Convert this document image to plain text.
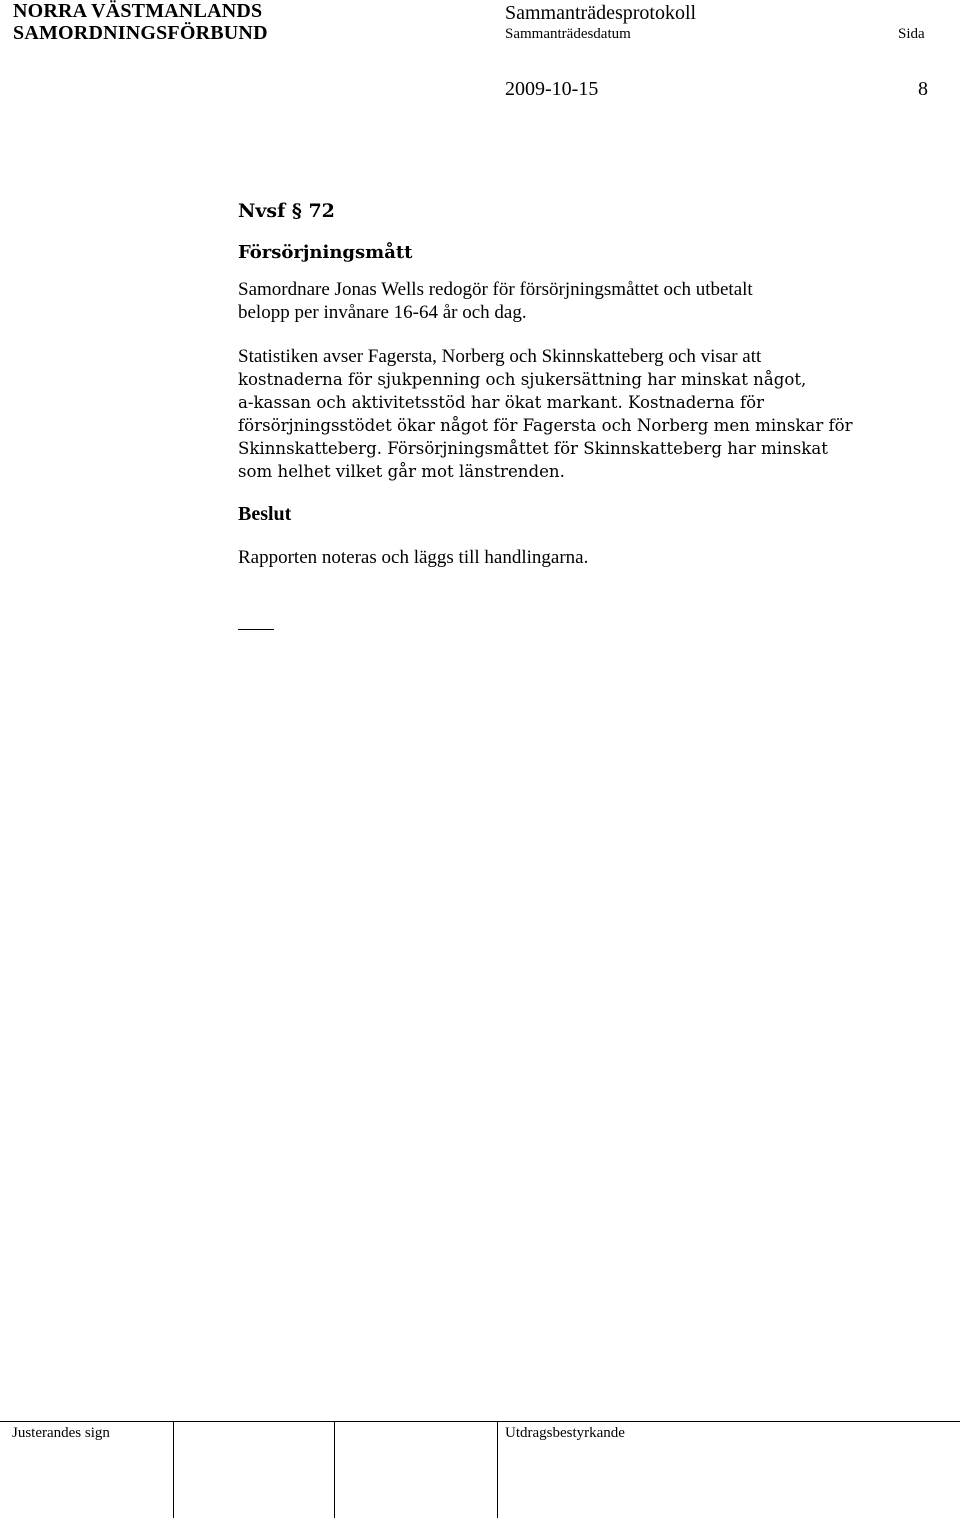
NORRA VÄSTMANLANDS
SAMORDNINGSFÖRBUND
Sammanträdesprotokoll
Sammanträdesdatum	Sida
2009-10-15	8

Nvsf § 72

Försörjningsmått

Samordnare Jonas Wells redogör för försörjningsmåttet och utbetalt

belopp per invånare 16-64 år och dag.

Statistiken avser Fagersta, Norberg och Skinnskatteberg och visar att

kostnaderna för sjukpenning och sjukersättning har minskat något,

a-kassan och aktivitetsstöd har ökat markant. Kostnaderna för

försörjningsstödet ökar något för Fagersta och Norberg men minskar för

Skinnskatteberg. Försörjningsmåttet för Skinnskatteberg har minskat

som helhet vilket går mot länstrenden.

Beslut

Rapporten noteras och läggs till handlingarna.

Justerandes sign	Utdragsbestyrkande
